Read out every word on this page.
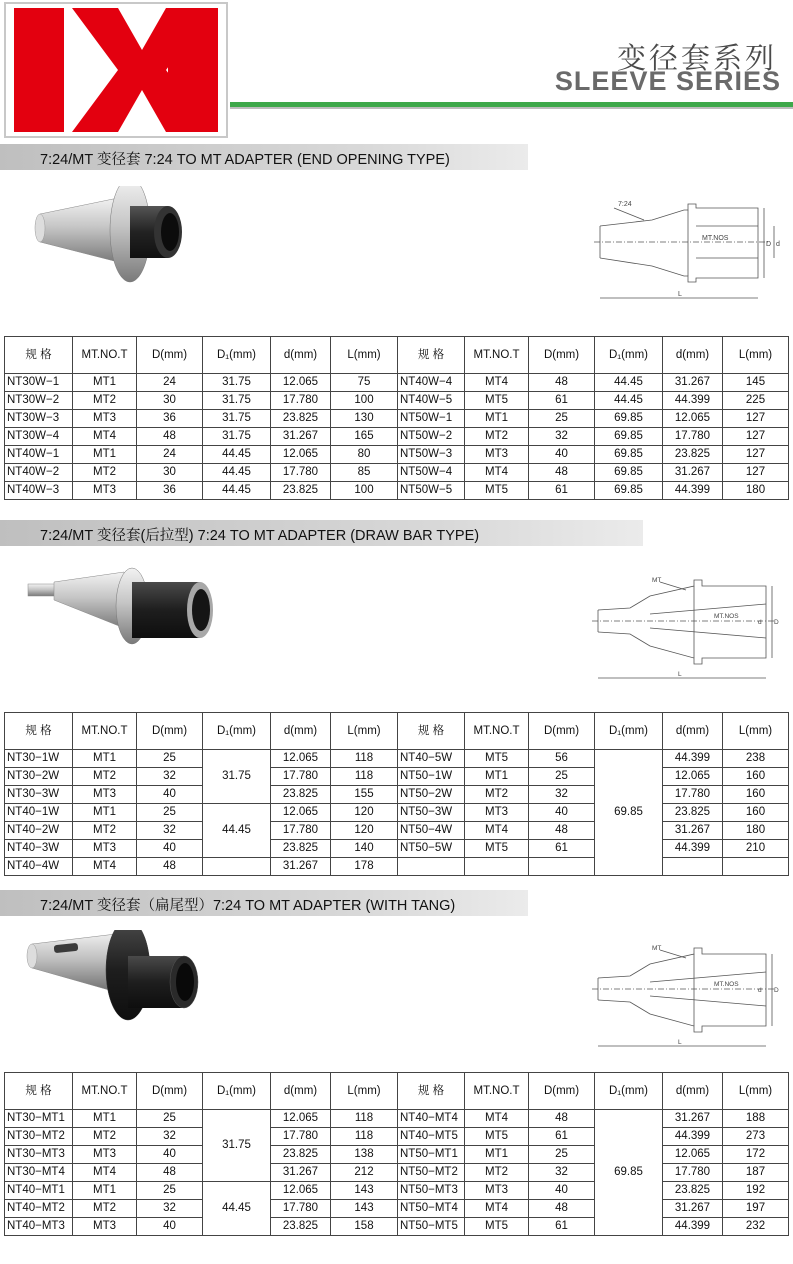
变径套系列
SLEEVE SERIES
7:24/MT 变径套 7:24 TO MT ADAPTER (END OPENING TYPE)
7:24
MT.NOS
D d
L
规 格	MT.NO.T	D(mm)	D₁(mm)	d(mm)	L(mm)	规 格	MT.NO.T	D(mm)	D₁(mm)	d(mm)	L(mm)
NT30W−1	MT1	24	31.75	12.065	75	NT40W−4	MT4	48	44.45	31.267	145
NT30W−2	MT2	30	31.75	17.780	100	NT40W−5	MT5	61	44.45	44.399	225
NT30W−3	MT3	36	31.75	23.825	130	NT50W−1	MT1	25	69.85	12.065	127
NT30W−4	MT4	48	31.75	31.267	165	NT50W−2	MT2	32	69.85	17.780	127
NT40W−1	MT1	24	44.45	12.065	80	NT50W−3	MT3	40	69.85	23.825	127
NT40W−2	MT2	30	44.45	17.780	85	NT50W−4	MT4	48	69.85	31.267	127
NT40W−3	MT3	36	44.45	23.825	100	NT50W−5	MT5	61	69.85	44.399	180
7:24/MT 变径套(后拉型) 7:24 TO MT ADAPTER (DRAW BAR TYPE)
MT
MT.NOS
D
d
L
规 格	MT.NO.T	D(mm)	D₁(mm)	d(mm)	L(mm)	规 格	MT.NO.T	D(mm)	D₁(mm)	d(mm)	L(mm)
NT30−1W	MT1	25	31.75	12.065	118	NT40−5W	MT5	56	69.85	44.399	238
NT30−2W	MT2	32		17.780	118	NT50−1W	MT1	25		12.065	160
NT30−3W	MT3	40		23.825	155	NT50−2W	MT2	32		17.780	160
NT40−1W	MT1	25	44.45	12.065	120	NT50−3W	MT3	40		23.825	160
NT40−2W	MT2	32		17.780	120	NT50−4W	MT4	48		31.267	180
NT40−3W	MT3	40		23.825	140	NT50−5W	MT5	61		44.399	210
NT40−4W	MT4	48		31.267	178						
7:24/MT 变径套（扁尾型）7:24 TO MT ADAPTER (WITH TANG)
MT
MT.NOS
D
d
L
规 格	MT.NO.T	D(mm)	D₁(mm)	d(mm)	L(mm)	规 格	MT.NO.T	D(mm)	D₁(mm)	d(mm)	L(mm)
NT30−MT1	MT1	25	31.75	12.065	118	NT40−MT4	MT4	48	69.85	31.267	188
NT30−MT2	MT2	32		17.780	118	NT40−MT5	MT5	61		44.399	273
NT30−MT3	MT3	40		23.825	138	NT50−MT1	MT1	25		12.065	172
NT30−MT4	MT4	48		31.267	212	NT50−MT2	MT2	32		17.780	187
NT40−MT1	MT1	25	44.45	12.065	143	NT50−MT3	MT3	40		23.825	192
NT40−MT2	MT2	32		17.780	143	NT50−MT4	MT4	48		31.267	197
NT40−MT3	MT3	40		23.825	158	NT50−MT5	MT5	61		44.399	232
